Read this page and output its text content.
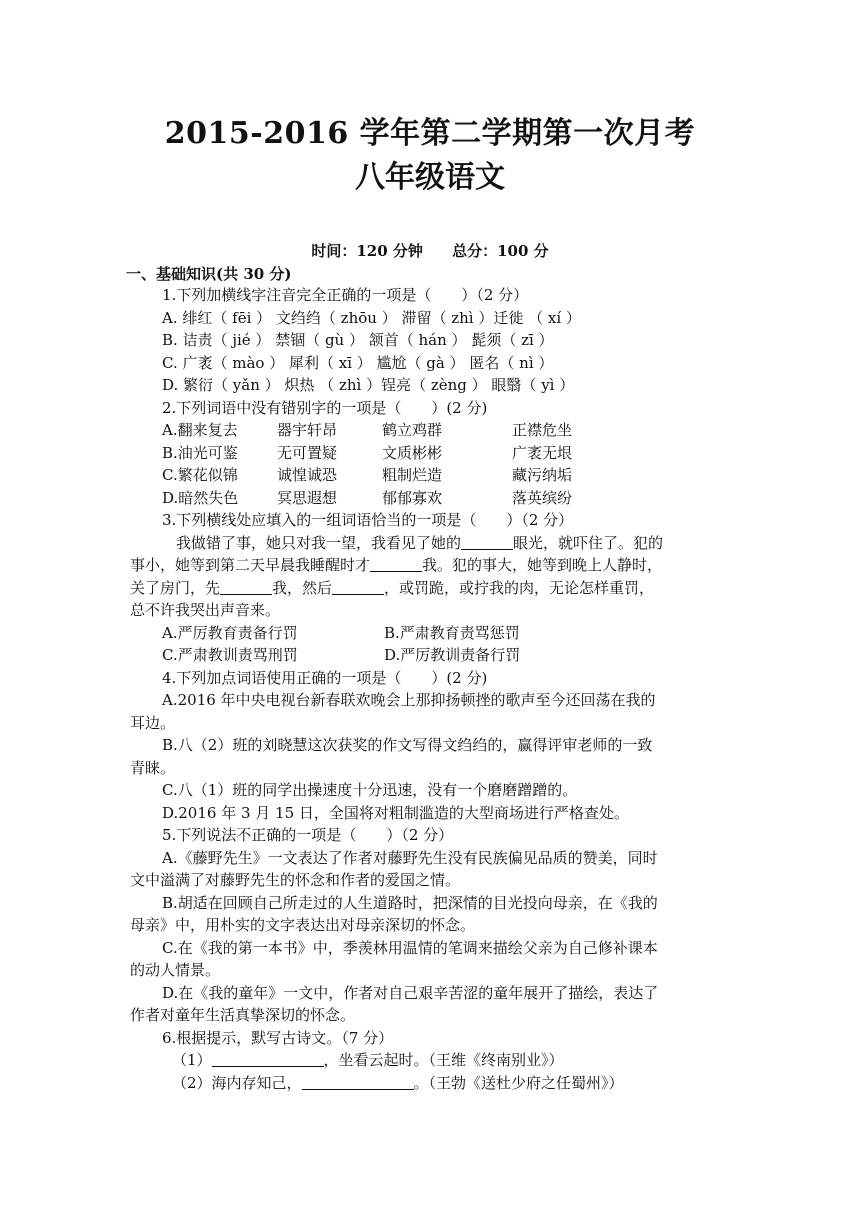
2015-2016 学年第二学期第一次月考
八年级语文
时间：120 分钟 总分：100 分
一、基础知识(共 30 分)
1.下列加横线字注音完全正确的一项是（　　）（2 分）
A. 绯红（ fēi ） 文绉绉（ zhōu ） 滞留（ zhì ）迁徙 （ xí ）
B. 诘责（ jié ） 禁锢（ gù ） 颔首（ hán ） 髭须（ zī ）
C. 广袤（ mào ） 犀利（ xī ） 尴尬（ gà ） 匿名（ nì ）
D. 繁衍（ yǎn ） 炽热 （ zhì ）锃亮（ zèng ） 眼翳（ yì ）
2.下列词语中没有错别字的一项是（　　）(2 分)
A.翻来复去	器宇轩昂	鹤立鸡群	正襟危坐
B.油光可鉴	无可置疑	文质彬彬	广袤无垠
C.繁花似锦	诚惶诚恐	粗制烂造	藏污纳垢
D.暗然失色	冥思遐想	郁郁寡欢	落英缤纷
3.下列横线处应填入的一组词语恰当的一项是（　　）（2 分）
我做错了事，她只对我一望，我看见了她的	眼光，就吓住了。犯的
事小，她等到第二天早晨我睡醒时才	我。犯的事大，她等到晚上人静时，
关了房门，先	我，然后	，或罚跪，或拧我的肉，无论怎样重罚，
总不许我哭出声音来。
A.严厉教育责备行罚	B.严肃教育责骂惩罚
C.严肃教训责骂刑罚	D.严厉教训责备行罚
4.下列加点词语使用正确的一项是（　　）(2 分)
A.2016 年中央电视台新春联欢晚会上那抑扬顿挫的歌声至今还回荡在我的
耳边。
B.八（2）班的刘晓慧这次获奖的作文写得文绉绉的，赢得评审老师的一致
青睐。
C.八（1）班的同学出操速度十分迅速，没有一个磨磨蹭蹭的。
D.2016 年 3 月 15 日，全国将对粗制滥造的大型商场进行严格查处。
5.下列说法不正确的一项是（　　）（2 分）
A.《藤野先生》一文表达了作者对藤野先生没有民族偏见品质的赞美，同时
文中溢满了对藤野先生的怀念和作者的爱国之情。
B.胡适在回顾自己所走过的人生道路时，把深情的目光投向母亲，在《我的
母亲》中，用朴实的文字表达出对母亲深切的怀念。
C.在《我的第一本书》中，季羡林用温情的笔调来描绘父亲为自己修补课本
的动人情景。
D.在《我的童年》一文中，作者对自己艰辛苦涩的童年展开了描绘，表达了
作者对童年生活真挚深切的怀念。
6.根据提示，默写古诗文。（7 分）
（1）	，坐看云起时。（王维《终南别业》）
（2）海内存知己，	。（王勃《送杜少府之任蜀州》）
